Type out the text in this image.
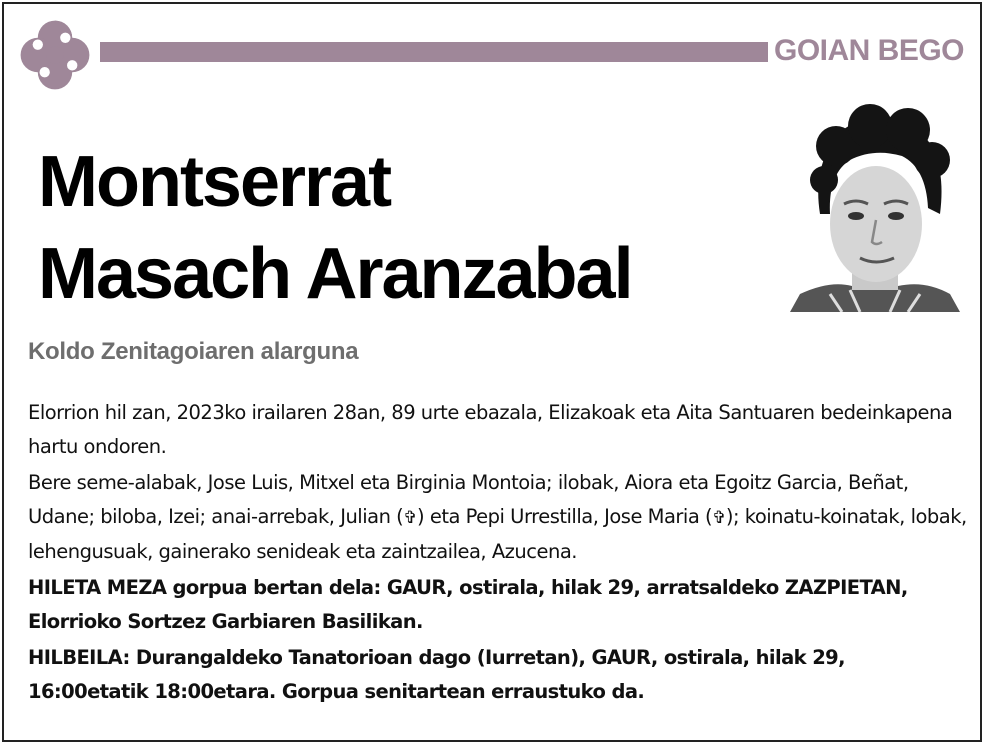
GOIAN BEGO
Montserrat
Masach Aranzabal
Koldo Zenitagoiaren alarguna

Elorrion hil zan, 2023ko irailaren 28an, 89 urte ebazala, Elizakoak eta Aita Santuaren bedeinkapena hartu ondoren.

Bere seme-alabak, Jose Luis, Mitxel eta Birginia Montoia; ilobak, Aiora eta Egoitz Garcia, Beñat, Udane; biloba, Izei; anai-arrebak, Julian (✞) eta Pepi Urrestilla, Jose Maria (✞); koinatu-koinatak, lobak, lehengusuak, gainerako senideak eta zaintzailea, Azucena.

HILETA MEZA gorpua bertan dela: GAUR, ostirala, hilak 29, arratsaldeko ZAZPIETAN, Elorrioko Sortzez Garbiaren Basilikan.

HILBEILA: Durangaldeko Tanatorioan dago (Iurretan), GAUR, ostirala, hilak 29, 16:00etatik 18:00etara. Gorpua senitartean erraustuko da.
